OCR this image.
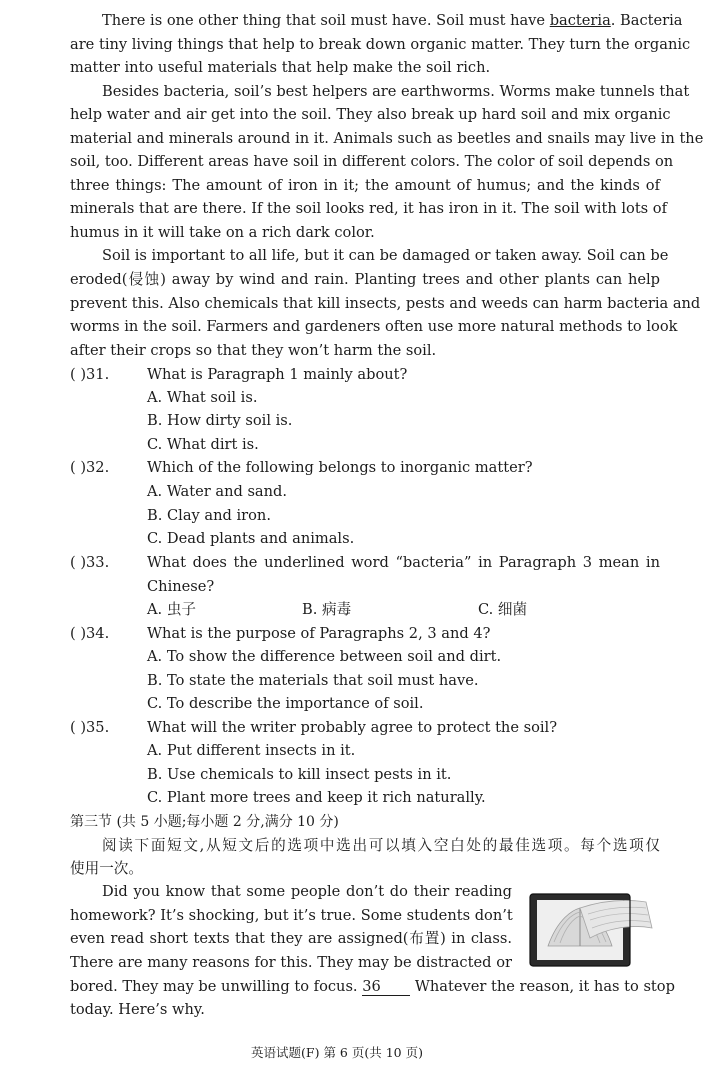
There is one other thing that soil must have. Soil must have bacteria. Bacteria
are tiny living things that help to break down organic matter. They turn the organic
matter into useful materials that help make the soil rich.
Besides bacteria, soil’s best helpers are earthworms. Worms make tunnels that
help water and air get into the soil. They also break up hard soil and mix organic
material and minerals around in it. Animals such as beetles and snails may live in the
soil, too. Different areas have soil in different colors. The color of soil depends on
three things: The amount of iron in it; the amount of humus; and the kinds of
minerals that are there. If the soil looks red, it has iron in it. The soil with lots of
humus in it will take on a rich dark color.
Soil is important to all life, but it can be damaged or taken away. Soil can be
eroded(侵蚀) away by wind and rain. Planting trees and other plants can help
prevent this. Also chemicals that kill insects, pests and weeds can harm bacteria and
worms in the soil. Farmers and gardeners often use more natural methods to look
after their crops so that they won’t harm the soil.
( )31.	What is Paragraph 1 mainly about?
A. What soil is.
B. How dirty soil is.
C. What dirt is.
( )32.	Which of the following belongs to inorganic matter?
A. Water and sand.
B. Clay and iron.
C. Dead plants and animals.
( )33.	What does the underlined word “bacteria” in Paragraph 3 mean in
Chinese?
A. 虫子	B. 病毒	C. 细菌
( )34.	What is the purpose of Paragraphs 2, 3 and 4?
A. To show the difference between soil and dirt.
B. To state the materials that soil must have.
C. To describe the importance of soil.
( )35.	What will the writer probably agree to protect the soil?
A. Put different insects in it.
B. Use chemicals to kill insect pests in it.
C. Plant more trees and keep it rich naturally.
第三节 (共 5 小题;每小题 2 分,满分 10 分)
阅读下面短文,从短文后的选项中选出可以填入空白处的最佳选项。每个选项仅
使用一次。
Did you know that some people don’t do their reading
homework? It’s shocking, but it’s true. Some students don’t
even read short texts that they are assigned(布置) in class.
There are many reasons for this. They may be distracted or
bored. They may be unwilling to focus. 36 Whatever the reason, it has to stop
today. Here’s why.
英语试题(F) 第 6 页(共 10 页)
